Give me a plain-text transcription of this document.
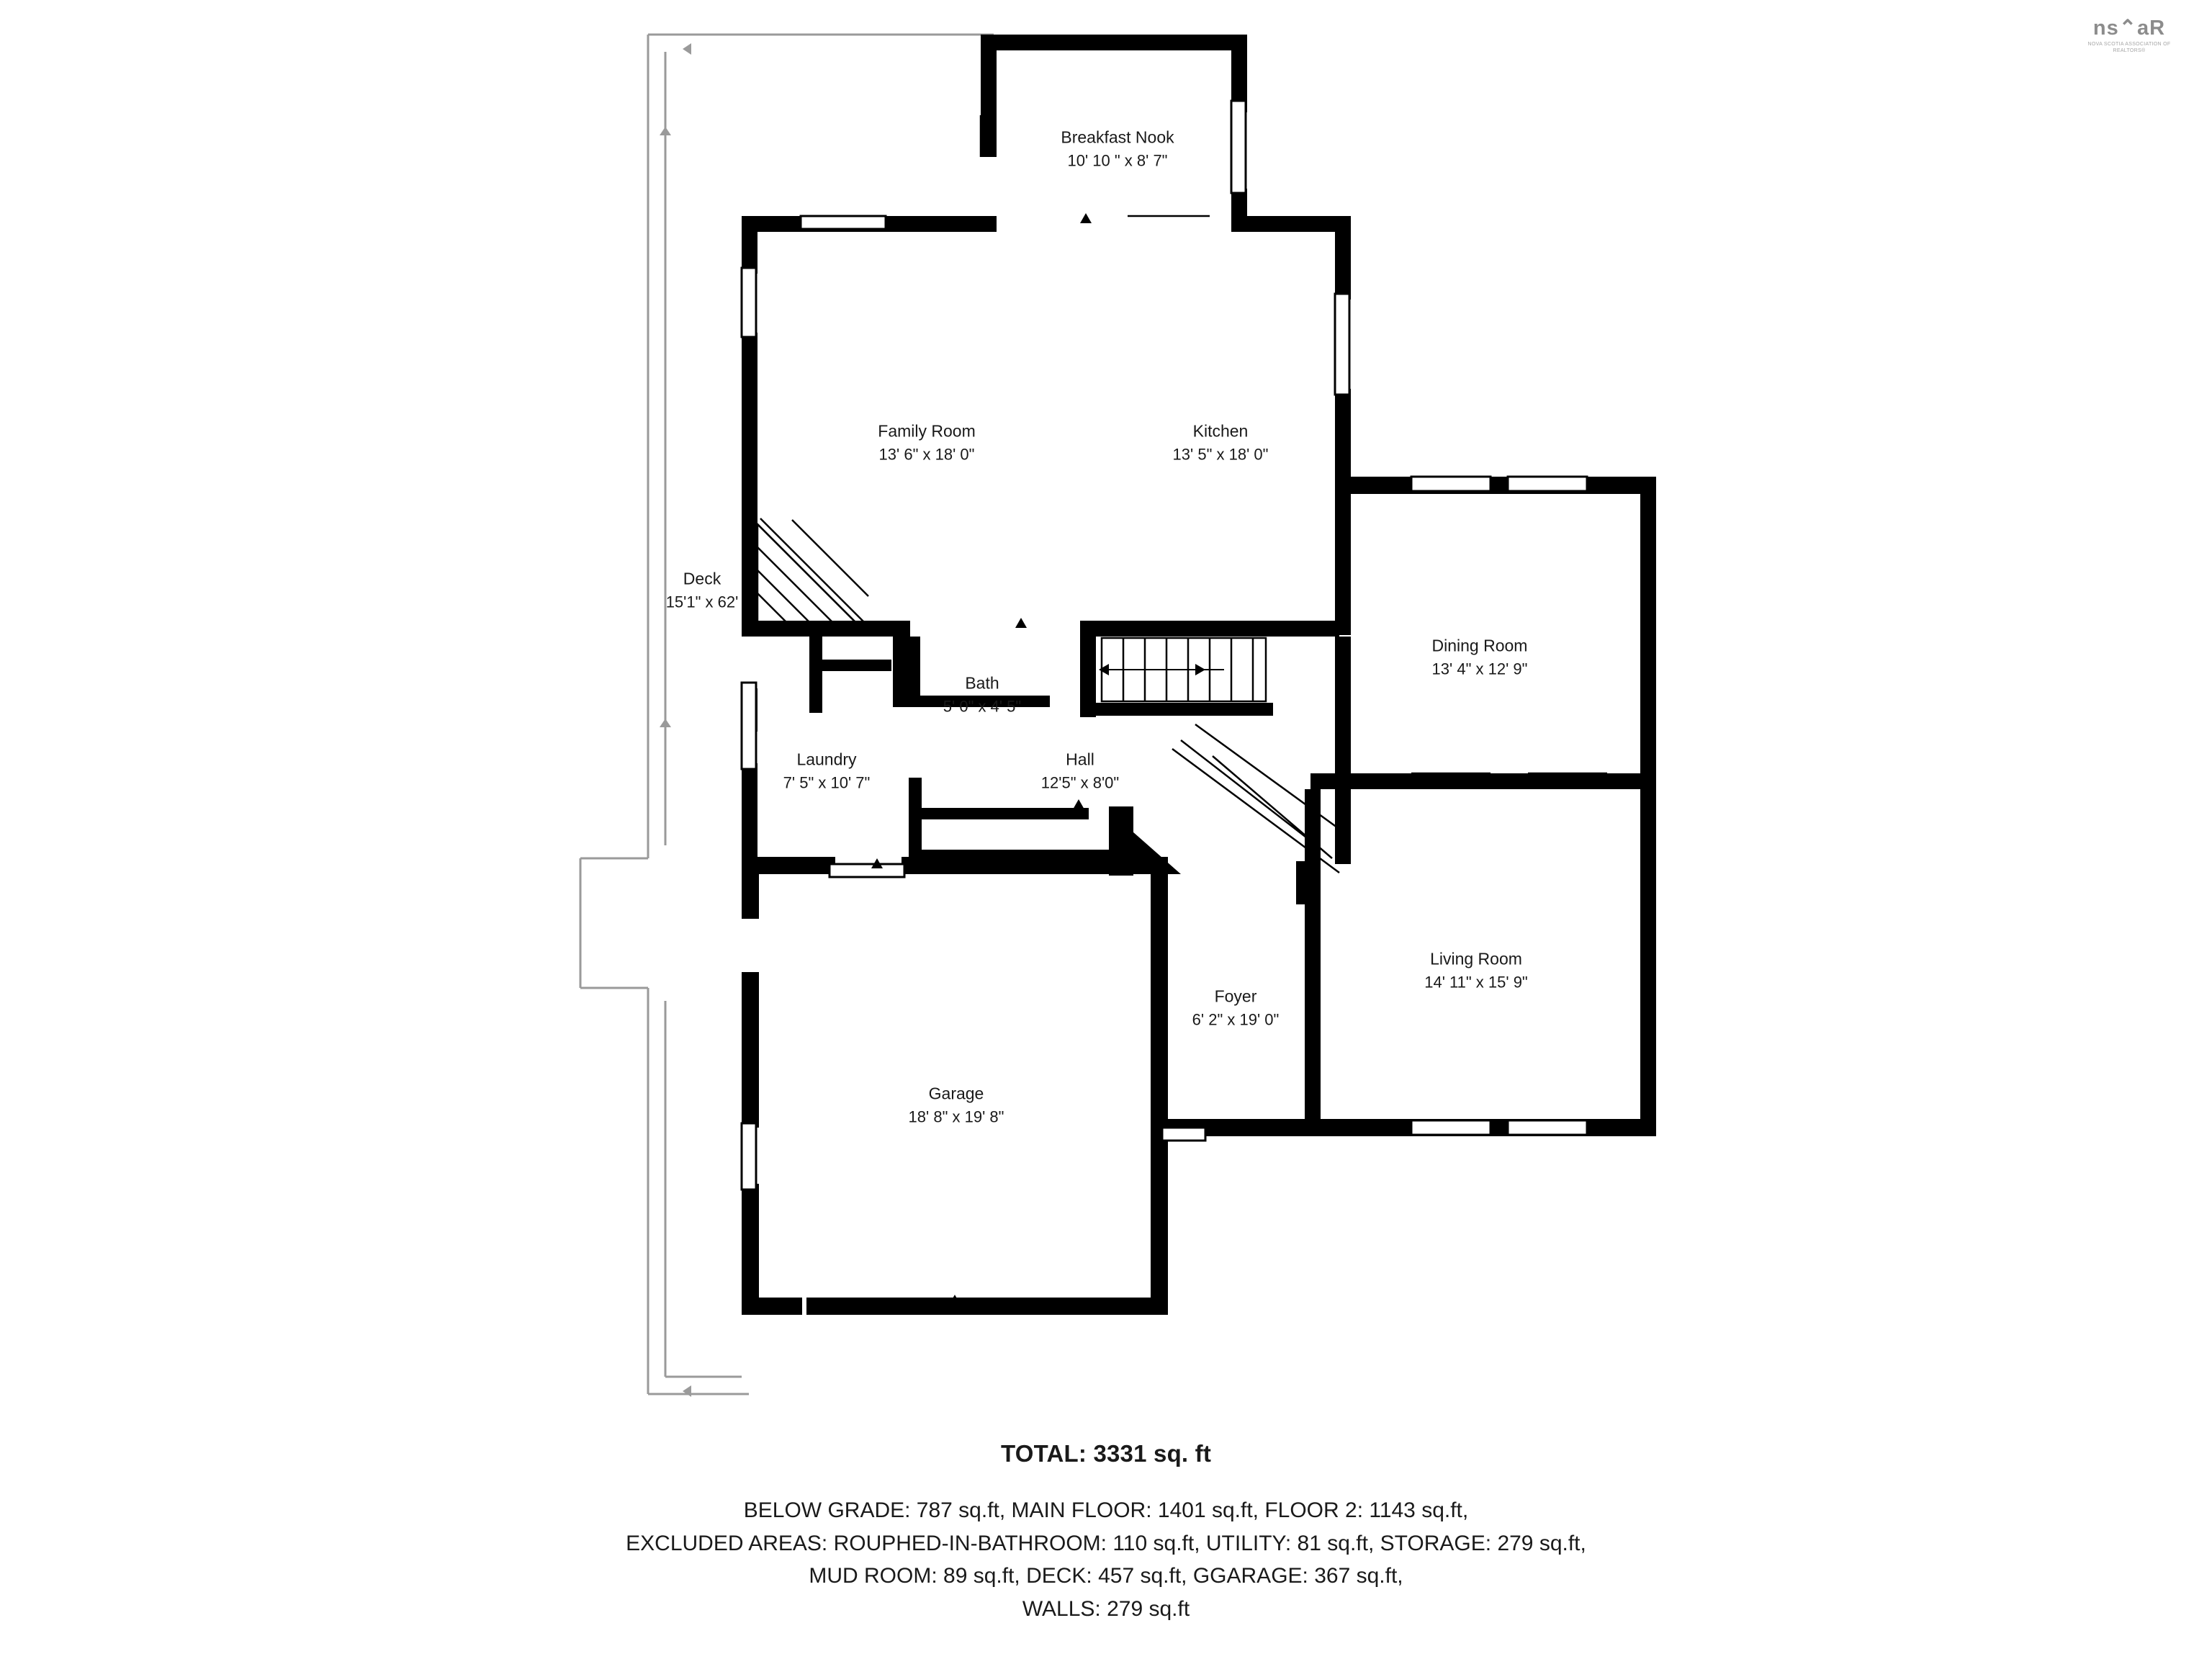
Breakfast Nook
10' 10 " x 8' 7"
Family Room
13' 6" x 18' 0"
Kitchen
13' 5" x 18' 0"
Dining Room
13' 4" x 12' 9"
Deck
15'1" x 62'
Bath
5' 0" x 4' 5"
Laundry
7' 5" x 10' 7"
Hall
12'5" x 8'0"
Living Room
14' 11" x 15' 9"
Foyer
6' 2" x 19' 0"
Garage
18' 8" x 19' 8"
TOTAL: 3331 sq. ft
BELOW GRADE: 787 sq.ft, MAIN FLOOR: 1401 sq.ft, FLOOR 2: 1143 sq.ft,
EXCLUDED AREAS: ROUPHED-IN-BATHROOM: 110 sq.ft, UTILITY: 81 sq.ft, STORAGE: 279 sq.ft,
MUD ROOM: 89 sq.ft, DECK: 457 sq.ft, GGARAGE: 367 sq.ft,
WALLS: 279 sq.ft
ns⌃aR
NOVA SCOTIA ASSOCIATION OF REALTORS®
